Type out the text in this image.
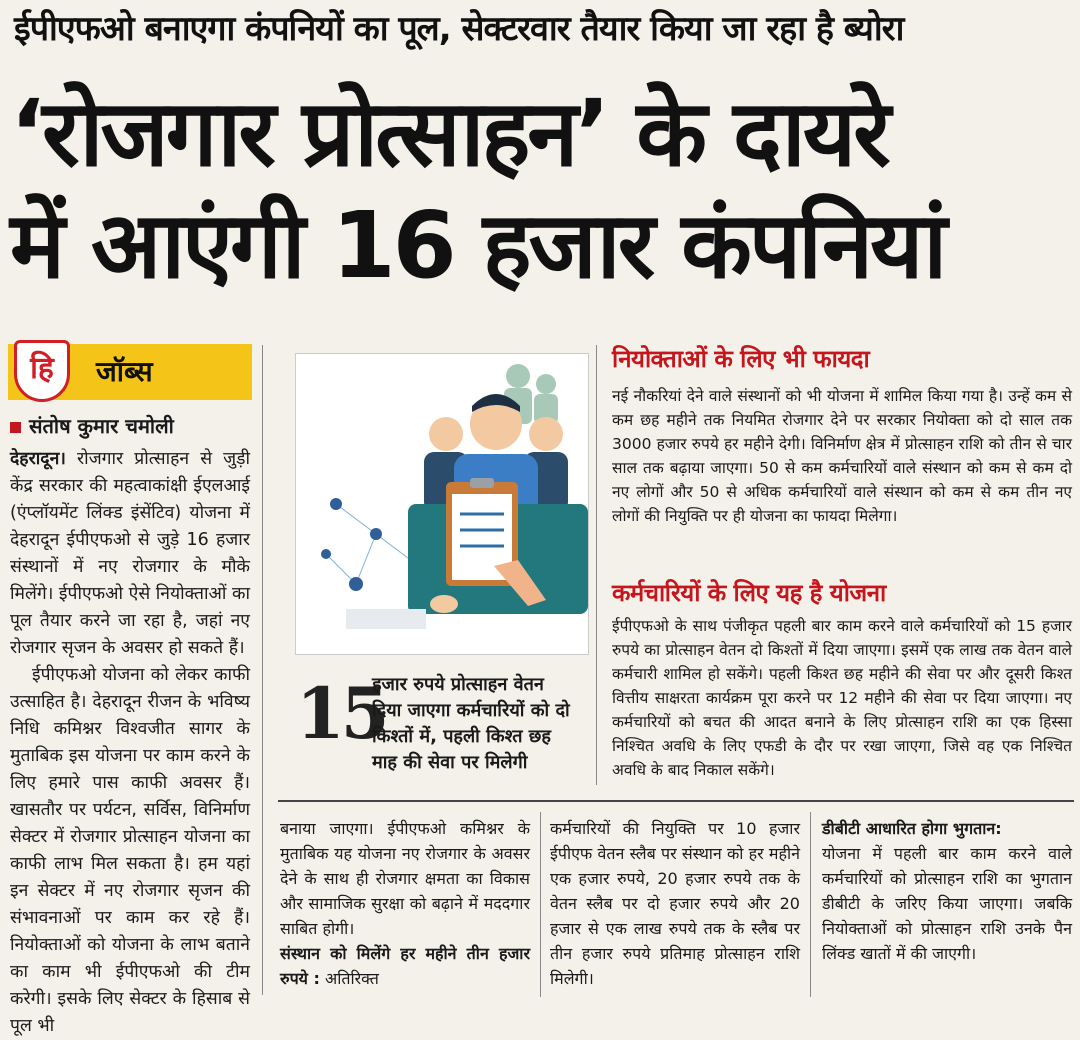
ईपीएफओ बनाएगा कंपनियों का पूल, सेक्टरवार तैयार किया जा रहा है ब्योरा
‘रोजगार प्रोत्साहन’ के दायरे
में आएंगी 16 हजार कंपनियां
हि	जॉब्स
संतोष कुमार चमोली

देहरादून। रोजगार प्रोत्साहन से जुड़ी केंद्र सरकार की महत्वाकांक्षी ईएलआई (एंप्लॉयमेंट लिंक्ड इंसेंटिव) योजना में देहरादून ईपीएफओ से जुड़े 16 हजार संस्थानों में नए रोजगार के मौके मिलेंगे। ईपीएफओ ऐसे नियोक्ताओं का पूल तैयार करने जा रहा है, जहां नए रोजगार सृजन के अवसर हो सकते हैं।

ईपीएफओ योजना को लेकर काफी उत्साहित है। देहरादून रीजन के भविष्य निधि कमिश्नर विश्वजीत सागर के मुताबिक इस योजना पर काम करने के लिए हमारे पास काफी अवसर हैं। खासतौर पर पर्यटन, सर्विस, विनिर्माण सेक्टर में रोजगार प्रोत्साहन योजना का काफी लाभ मिल सकता है। हम यहां इन सेक्टर में नए रोजगार सृजन की संभावनाओं पर काम कर रहे हैं। नियोक्ताओं को योजना के लाभ बताने का काम भी ईपीएफओ की टीम करेगी। इसके लिए सेक्टर के हिसाब से पूल भी

15
हजार रुपये प्रोत्साहन वेतन दिया जाएगा कर्मचारियों को दो किश्तों में, पहली किश्त छह माह की सेवा पर मिलेगी
नियोक्ताओं के लिए भी फायदा
नई नौकरियां देने वाले संस्थानों को भी योजना में शामिल किया गया है। उन्हें कम से कम छह महीने तक नियमित रोजगार देने पर सरकार नियोक्ता को दो साल तक 3000 हजार रुपये हर महीने देगी। विनिर्माण क्षेत्र में प्रोत्साहन राशि को तीन से चार साल तक बढ़ाया जाएगा। 50 से कम कर्मचारियों वाले संस्थान को कम से कम दो नए लोगों और 50 से अधिक कर्मचारियों वाले संस्थान को कम से कम तीन नए लोगों की नियुक्ति पर ही योजना का फायदा मिलेगा।
कर्मचारियों के लिए यह है योजना
ईपीएफओ के साथ पंजीकृत पहली बार काम करने वाले कर्मचारियों को 15 हजार रुपये का प्रोत्साहन वेतन दो किश्तों में दिया जाएगा। इसमें एक लाख तक वेतन वाले कर्मचारी शामिल हो सकेंगे। पहली किश्त छह महीने की सेवा पर और दूसरी किश्त वित्तीय साक्षरता कार्यक्रम पूरा करने पर 12 महीने की सेवा पर दिया जाएगा। नए कर्मचारियों को बचत की आदत बनाने के लिए प्रोत्साहन राशि का एक हिस्सा निश्चित अवधि के लिए एफडी के दौर पर रखा जाएगा, जिसे वह एक निश्चित अवधि के बाद निकाल सकेंगे।

बनाया जाएगा। ईपीएफओ कमिश्नर के मुताबिक यह योजना नए रोजगार के अवसर देने के साथ ही रोजगार क्षमता का विकास और सामाजिक सुरक्षा को बढ़ाने में मददगार साबित होगी।

संस्थान को मिलेंगे हर महीने तीन हजार रुपये : अतिरिक्त

कर्मचारियों की नियुक्ति पर 10 हजार ईपीएफ वेतन स्लैब पर संस्थान को हर महीने एक हजार रुपये, 20 हजार रुपये तक के वेतन स्लैब पर दो हजार रुपये और 20 हजार से एक लाख रुपये तक के स्लैब पर तीन हजार रुपये प्रतिमाह प्रोत्साहन राशि मिलेगी।

डीबीटी आधारित होगा भुगतान:

योजना में पहली बार काम करने वाले कर्मचारियों को प्रोत्साहन राशि का भुगतान डीबीटी के जरिए किया जाएगा। जबकि नियोक्ताओं को प्रोत्साहन राशि उनके पैन लिंक्ड खातों में की जाएगी।
